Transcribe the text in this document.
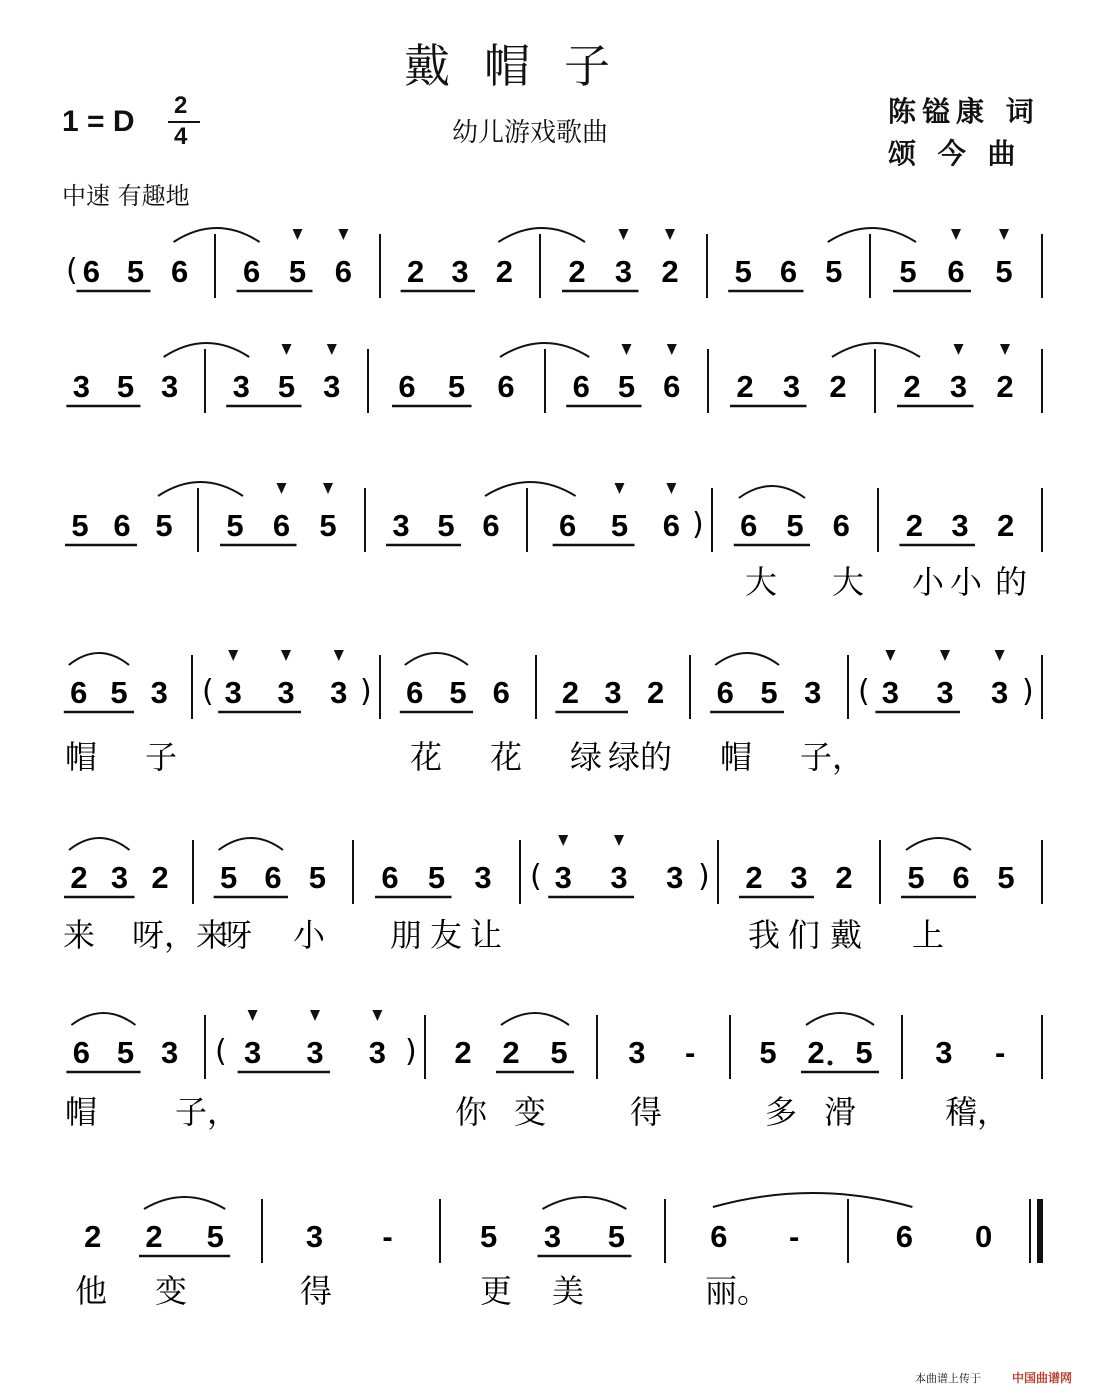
戴帽子
幼儿游戏歌曲
陈镒康 词
颂 今 曲
1 = D 2
4
中速 有趣地
( 6 5 6 6 5 6 2 3 2 2 3 2 5 6 5 5 6 5
3 5 3 3 5 3 6 5 6 6 5 6 2 3 2 2 3 2
5 6 5 5 6 5 3 5 6	)
6 5 6 6 5 6 2 3 2
大 大 小 小 的
6 5 3 (	)
3 3 3 6 5 6 2 3 2 6 5 3 (	)
3 3 3
帽 子	花 花 绿 绿 的 帽 子，
2 3 2 5 6 5 6 5 3 (	)
3 3 3 2 3 2 5 6 5
来 呀，来
呀 小 朋 友 让	我 们 戴 上
6 5 3 (	)
3 3 3 2 2 5 3 - 5 2 5 3 -
帽 子，	你 变	得	多 滑	稽，
2 2 5	3 -	5 3 5	6 -	6 0
他 变	得	更 美	丽。
本曲谱上传于	中国曲谱网
